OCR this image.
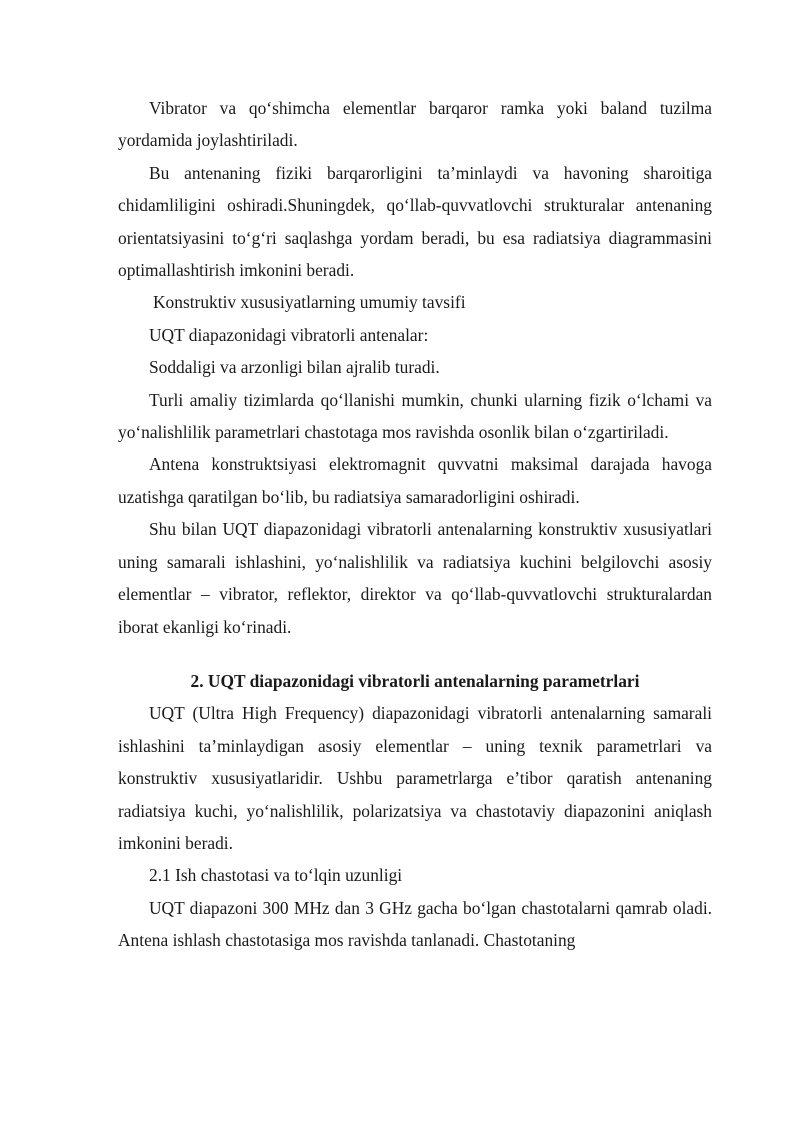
Vibrator va qo‘shimcha elementlar barqaror ramka yoki baland tuzilma yordamida joylashtiriladi.

Bu antenaning fiziki barqarorligini ta’minlaydi va havoning sharoitiga chidamliligini oshiradi.Shuningdek, qo‘llab-quvvatlovchi strukturalar antenaning orientatsiyasini to‘g‘ri saqlashga yordam beradi, bu esa radiatsiya diagrammasini optimallashtirish imkonini beradi.

Konstruktiv xususiyatlarning umumiy tavsifi

UQT diapazonidagi vibratorli antenalar:

Soddaligi va arzonligi bilan ajralib turadi.

Turli amaliy tizimlarda qo‘llanishi mumkin, chunki ularning fizik o‘lchami va yo‘nalishlilik parametrlari chastotaga mos ravishda osonlik bilan o‘zgartiriladi.

Antena konstruktsiyasi elektromagnit quvvatni maksimal darajada havoga uzatishga qaratilgan bo‘lib, bu radiatsiya samaradorligini oshiradi.

Shu bilan UQT diapazonidagi vibratorli antenalarning konstruktiv xususiyatlari uning samarali ishlashini, yo‘nalishlilik va radiatsiya kuchini belgilovchi asosiy elementlar – vibrator, reflektor, direktor va qo‘llab-quvvatlovchi strukturalardan iborat ekanligi ko‘rinadi.

2. UQT diapazonidagi vibratorli antenalarning parametrlari

UQT (Ultra High Frequency) diapazonidagi vibratorli antenalarning samarali ishlashini ta’minlaydigan asosiy elementlar – uning texnik parametrlari va konstruktiv xususiyatlaridir. Ushbu parametrlarga e’tibor qaratish antenaning radiatsiya kuchi, yo‘nalishlilik, polarizatsiya va chastotaviy diapazonini aniqlash imkonini beradi.

2.1 Ish chastotasi va to‘lqin uzunligi

UQT diapazoni 300 MHz dan 3 GHz gacha bo‘lgan chastotalarni qamrab oladi. Antena ishlash chastotasiga mos ravishda tanlanadi. Chastotaning
